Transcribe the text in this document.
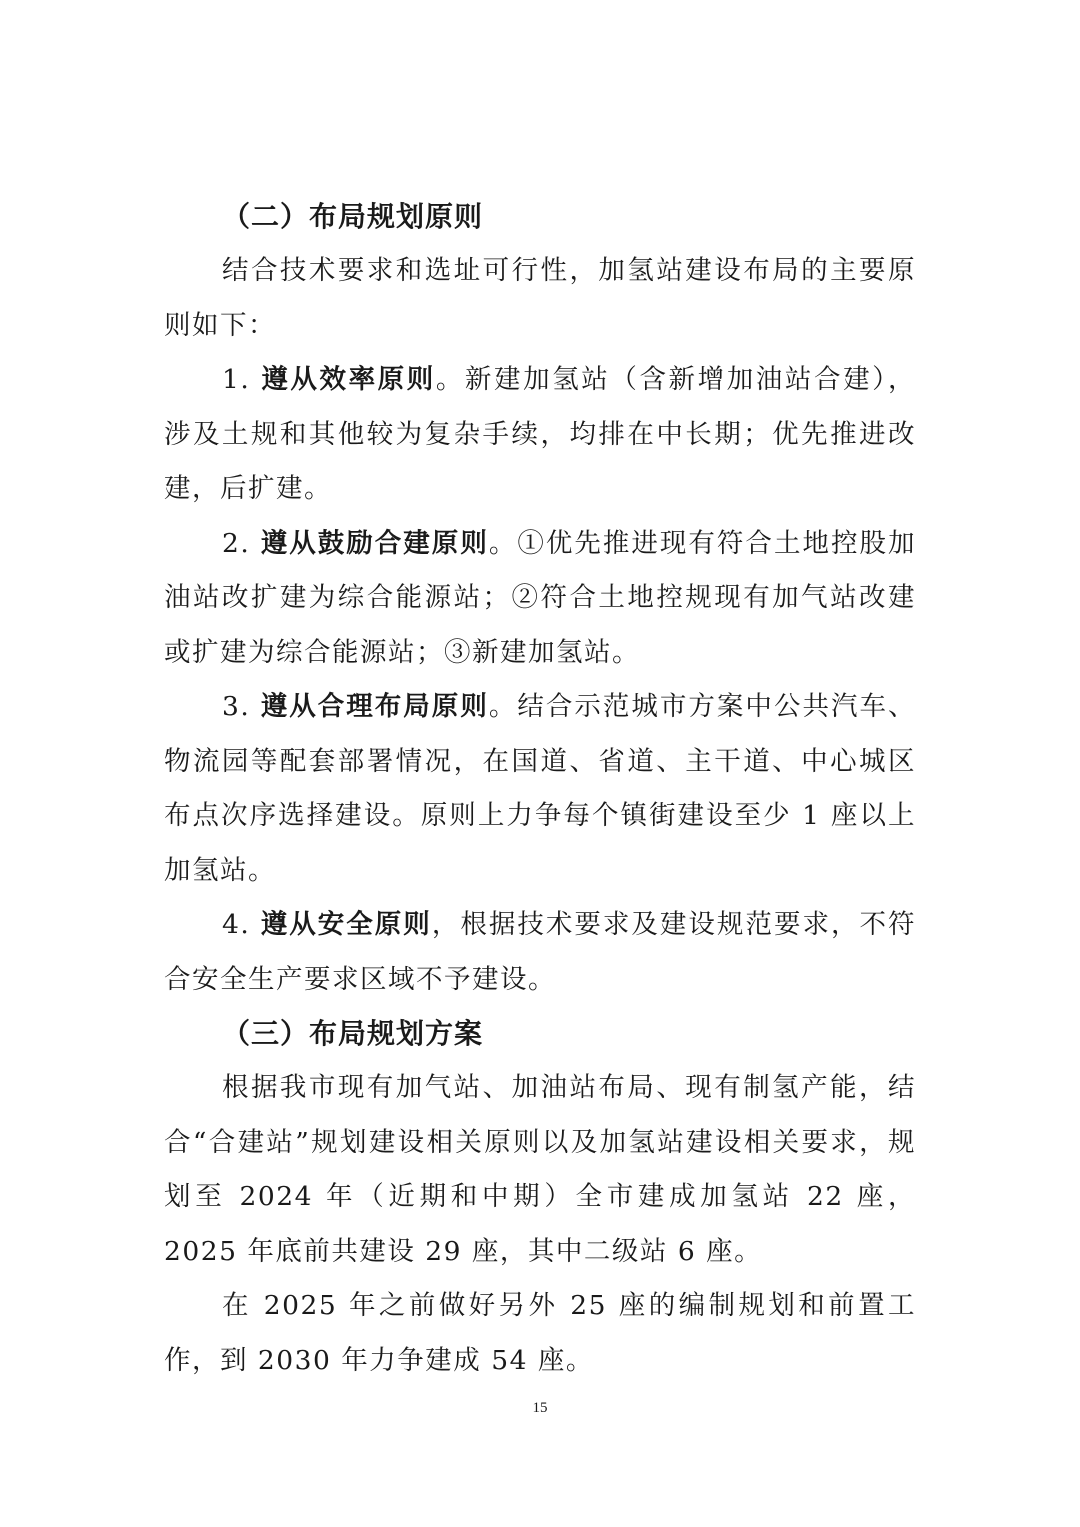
（二）布局规划原则

结合技术要求和选址可行性，加氢站建设布局的主要原则如下：

1. 遵从效率原则。新建加氢站（含新增加油站合建），涉及土规和其他较为复杂手续，均排在中长期；优先推进改建，后扩建。

2. 遵从鼓励合建原则。①优先推进现有符合土地控股加油站改扩建为综合能源站；②符合土地控规现有加气站改建或扩建为综合能源站；③新建加氢站。

3. 遵从合理布局原则。结合示范城市方案中公共汽车、物流园等配套部署情况，在国道、省道、主干道、中心城区布点次序选择建设。原则上力争每个镇街建设至少 1 座以上加氢站。

4. 遵从安全原则，根据技术要求及建设规范要求，不符合安全生产要求区域不予建设。

（三）布局规划方案

根据我市现有加气站、加油站布局、现有制氢产能，结合“合建站”规划建设相关原则以及加氢站建设相关要求，规划至 2024 年（近期和中期）全市建成加氢站 22 座，2025 年底前共建设 29 座，其中二级站 6 座。

在 2025 年之前做好另外 25 座的编制规划和前置工作，到 2030 年力争建成 54 座。

15
